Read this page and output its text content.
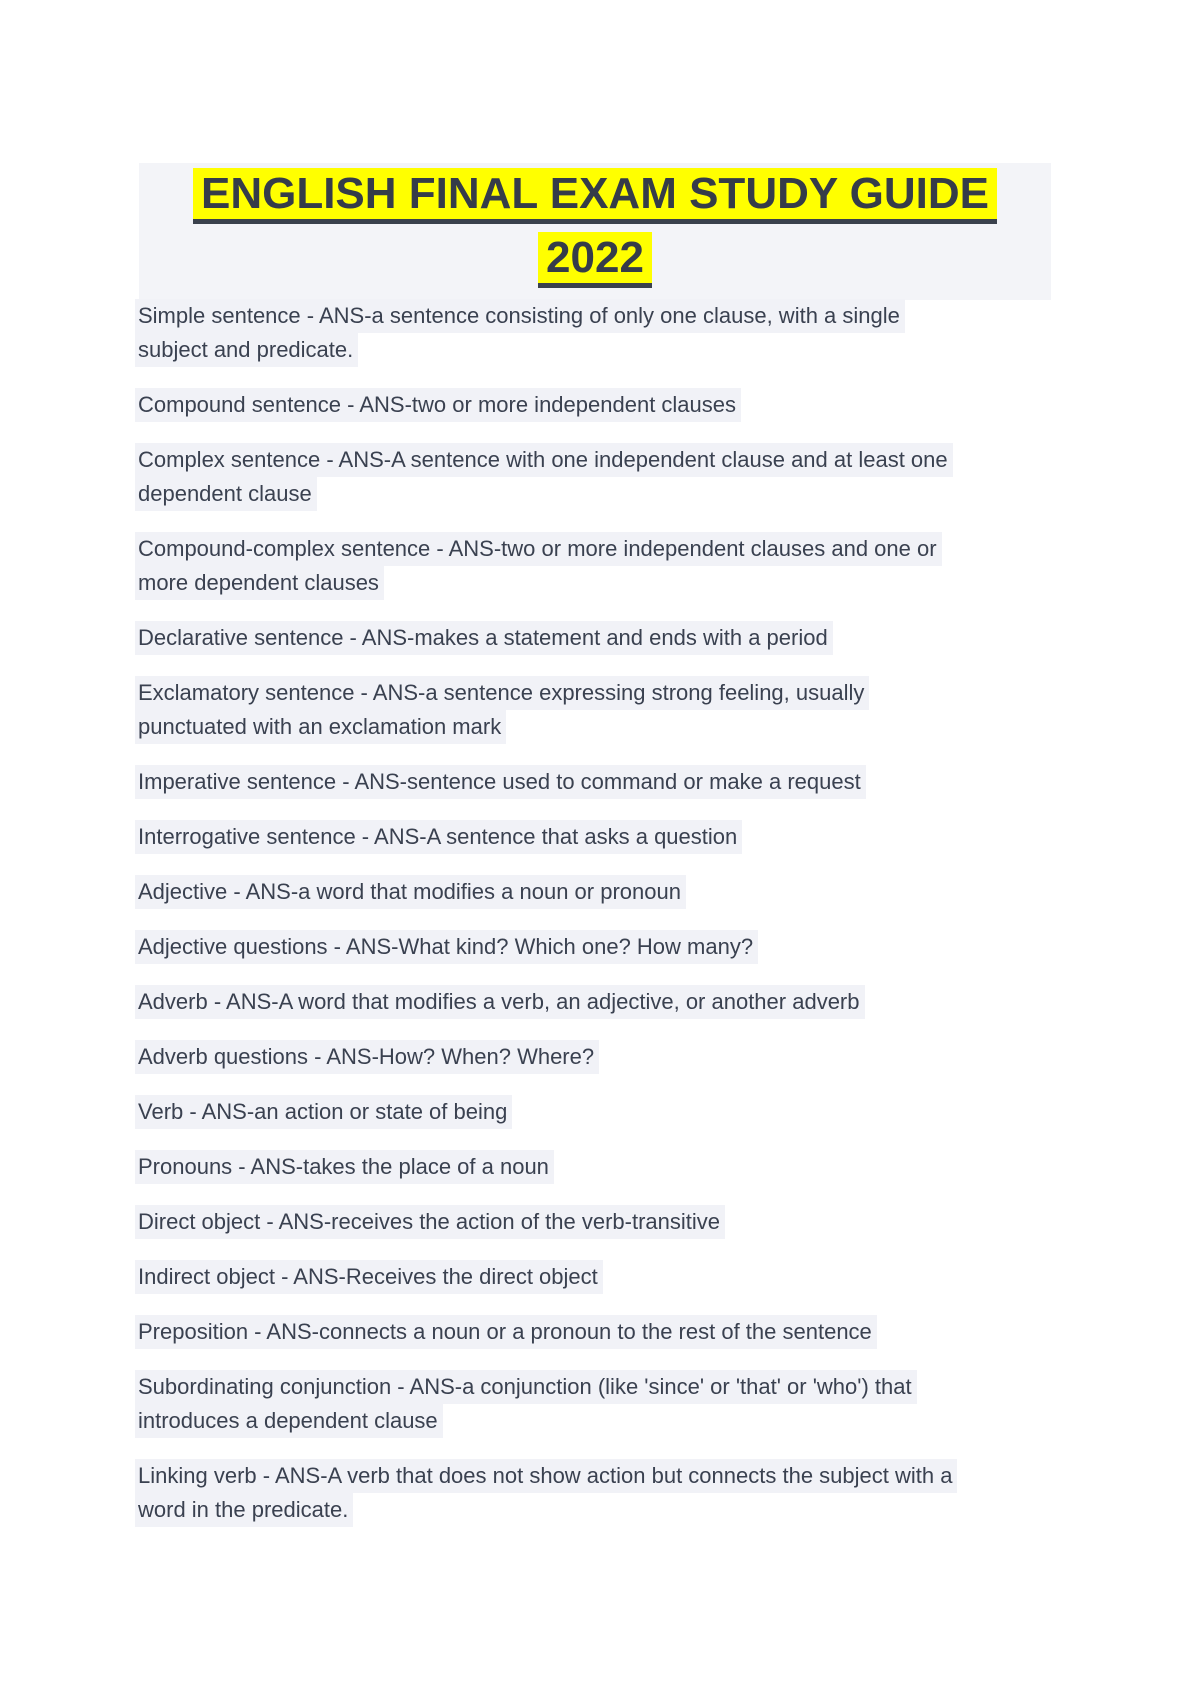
ENGLISH FINAL EXAM STUDY GUIDE
2022

Simple sentence - ANS-a sentence consisting of only one clause, with a single
subject and predicate.

Compound sentence - ANS-two or more independent clauses

Complex sentence - ANS-A sentence with one independent clause and at least one
dependent clause

Compound-complex sentence - ANS-two or more independent clauses and one or
more dependent clauses

Declarative sentence - ANS-makes a statement and ends with a period

Exclamatory sentence - ANS-a sentence expressing strong feeling, usually
punctuated with an exclamation mark

Imperative sentence - ANS-sentence used to command or make a request

Interrogative sentence - ANS-A sentence that asks a question

Adjective - ANS-a word that modifies a noun or pronoun

Adjective questions - ANS-What kind? Which one? How many?

Adverb - ANS-A word that modifies a verb, an adjective, or another adverb

Adverb questions - ANS-How? When? Where?

Verb - ANS-an action or state of being

Pronouns - ANS-takes the place of a noun

Direct object - ANS-receives the action of the verb-transitive

Indirect object - ANS-Receives the direct object

Preposition - ANS-connects a noun or a pronoun to the rest of the sentence

Subordinating conjunction - ANS-a conjunction (like 'since' or 'that' or 'who') that
introduces a dependent clause

Linking verb - ANS-A verb that does not show action but connects the subject with a
word in the predicate.
